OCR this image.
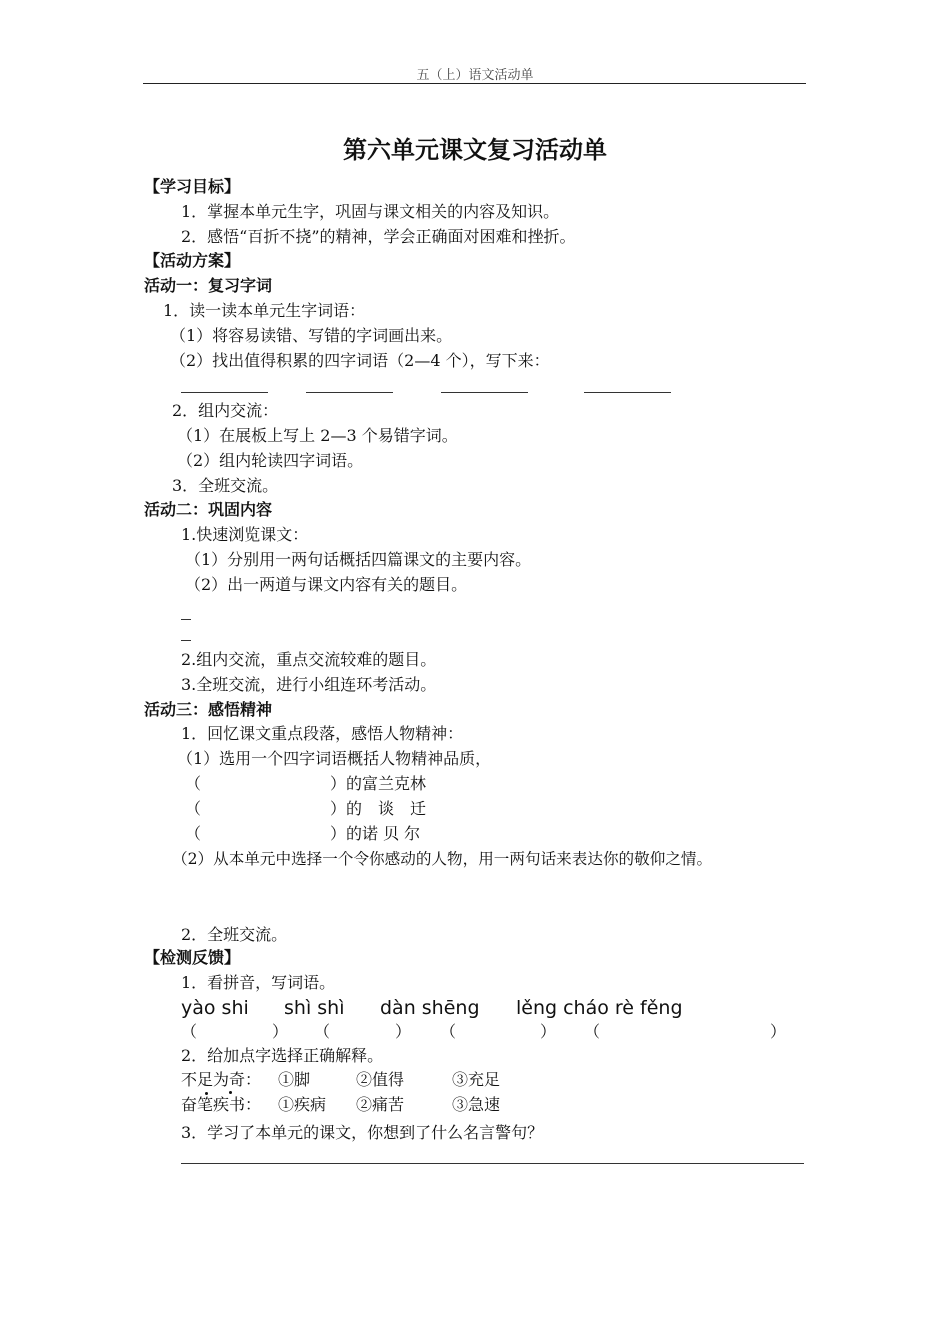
五（上）语文活动单
第六单元课文复习活动单
【学习目标】
1．掌握本单元生字，巩固与课文相关的内容及知识。
2．感悟“百折不挠”的精神，学会正确面对困难和挫折。
【活动方案】
活动一：复习字词
1．读一读本单元生字词语：
（1）将容易读错、写错的字词画出来。
（2）找出值得积累的四字词语（2—4 个），写下来：
2．组内交流：
（1）在展板上写上 2—3 个易错字词。
（2）组内轮读四字词语。
3．全班交流。
活动二：巩固内容
1.快速浏览课文：
（1）分别用一两句话概括四篇课文的主要内容。
（2）出一两道与课文内容有关的题目。
2.组内交流，重点交流较难的题目。
3.全班交流，进行小组连环考活动。
活动三：感悟精神
1．回忆课文重点段落，感悟人物精神：
（1）选用一个四字词语概括人物精神品质，
（	）的富兰克林
（	）的　谈　迁
（	）的诺 贝 尔
（2）从本单元中选择一个令你感动的人物，用一两句话来表达你的敬仰之情。
2．全班交流。
【检测反馈】
1．看拼音，写词语。
yào shi shì shì dàn shēng lěng cháo rè fěng
（	） （	） （	） （	）
2．给加点字选择正确解释。
不足为奇： ①脚	②值得	③充足
奋笔疾书： ①疾病 ②痛苦	③急速
3．学习了本单元的课文，你想到了什么名言警句？
